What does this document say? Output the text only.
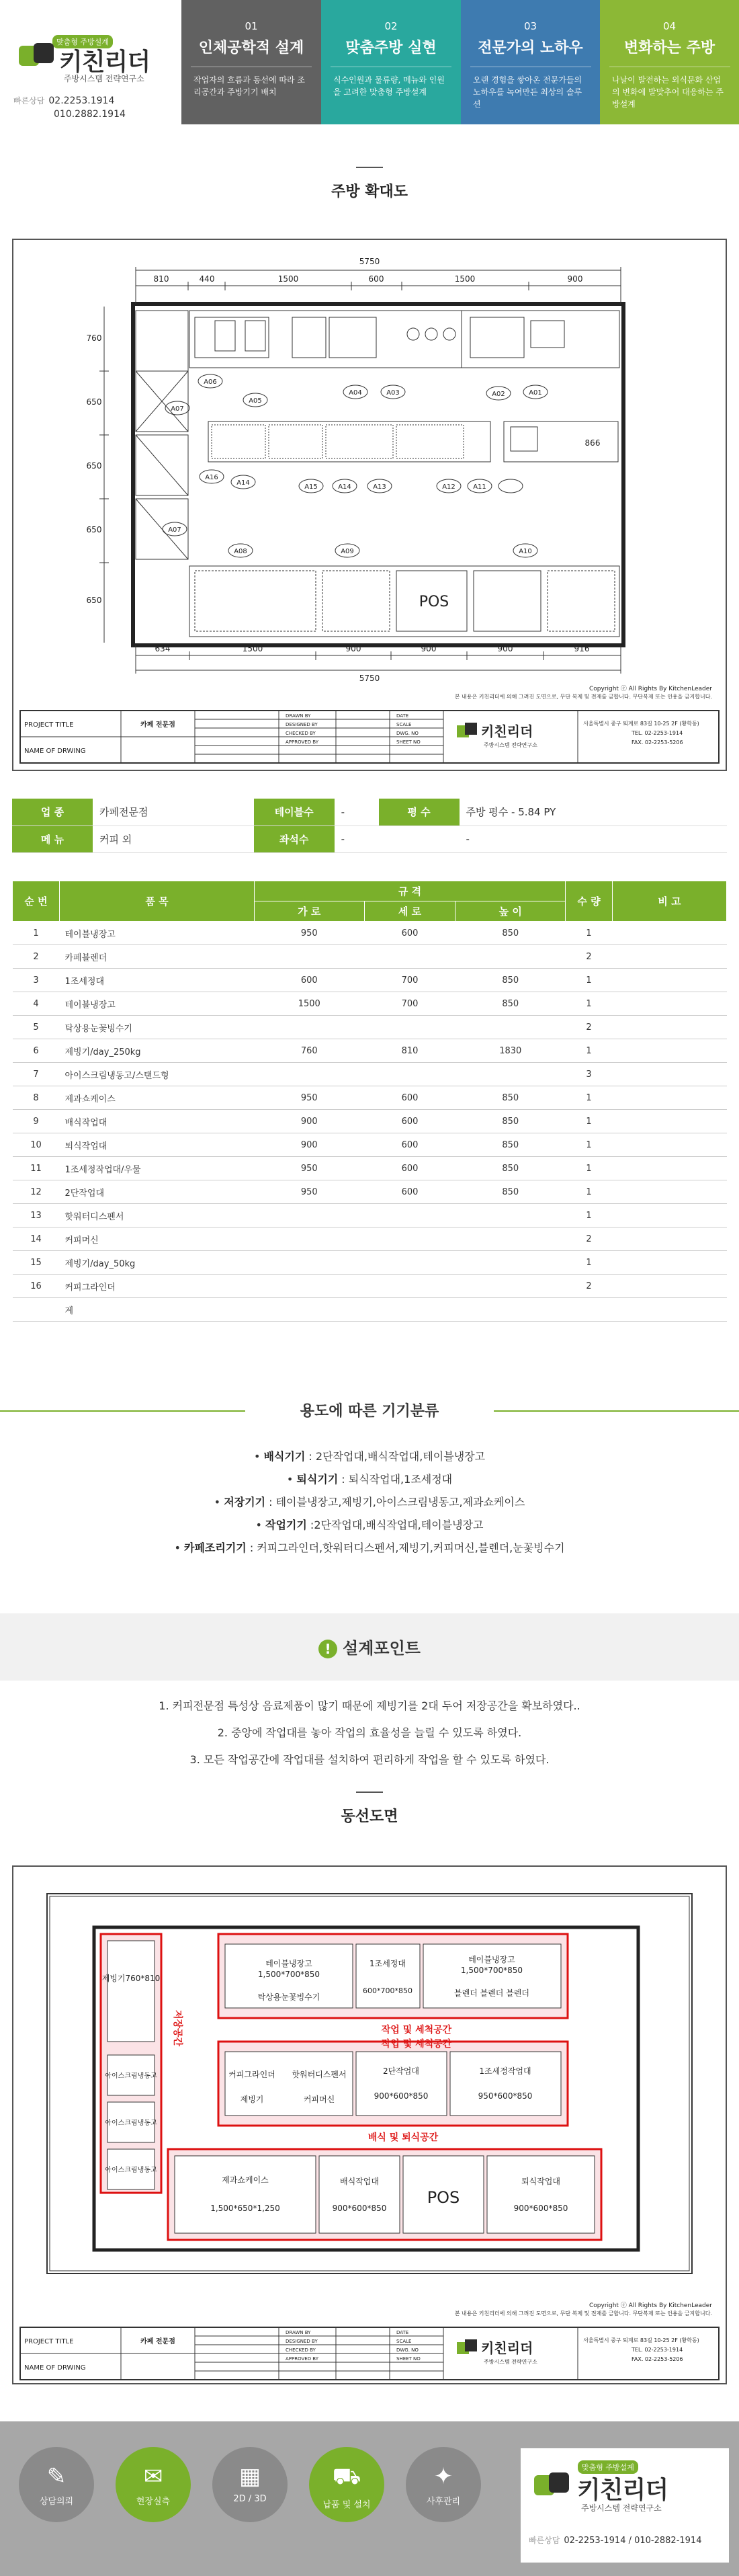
맞춤형 주방설계
키친리더
주방시스템 전략연구소
빠른상담 02.2253.1914
010.2882.1914
01
인체공학적 설계
작업자의 흐름과 동선에 따라 조리공간과 주방기기 배치
02
맞춤주방 실현
식수인원과 물류량, 메뉴와 인원을 고려한 맞춤형 주방설계
03
전문가의 노하우
오랜 경험을 쌓아온 전문가들의 노하우를 녹여만든 최상의 솔루션
04
변화하는 주방
나날이 발전하는 외식문화 산업의 변화에 발맞추어 대응하는 주방설계
주방 확대도
5750
810	440	1500	600	1500	900
634	1500	900	900	900	916
5750
760
650
650
650
650
866
POS
A06
A05
A04	A03	A02	A01
A07
A16
A14
A15	A14	A13	A12	A11
A08	A09	A10
A07
Copyright ⓒ All Rights By KitchenLeader
본 내용은 키친리더에 의해 그려진 도면으로, 무단 복제 및 전재를 금합니다. 무단복제 또는 인용을 금지합니다.
PROJECT TITLE	카페 전문점
NAME OF DRWING
DRAWN BY
DESIGNED BY
CHECKED BY
APPROVED BY
DATE
SCALE
DWG. NO
SHEET NO
키친리더
주방시스템 전략연구소
서울특별시 중구 퇴계로 83길 10-25 2F (황학동)
TEL. 02-2253-1914
FAX. 02-2253-5206
업 종	카페전문점	테이블수	-	평 수	주방 평수 - 5.84 PY
메 뉴	커피 외	좌석수	-		-
순 번	품 목	규 격			수 량	비 고
		가 로	세 로	높 이		
1	테이블냉장고	950	600	850	1	
2	카페블렌더				2	
3	1조세정대	600	700	850	1	
4	테이블냉장고	1500	700	850	1	
5	탁상용눈꽃빙수기				2	
6	제빙기/day_250kg	760	810	1830	1	
7	아이스크림냉동고/스탠드형				3	
8	제과쇼케이스	950	600	850	1	
9	배식작업대	900	600	850	1	
10	퇴식작업대	900	600	850	1	
11	1조세정작업대/우물	950	600	850	1	
12	2단작업대	950	600	850	1	
13	핫워터디스펜서				1	
14	커피머신				2	
15	제빙기/day_50kg				1	
16	커피그라인더				2	
	계					
용도에 따른 기기분류
• 배식기기 : 2단작업대,배식작업대,테이블냉장고
• 퇴식기기 : 퇴식작업대,1조세정대
• 저장기기 : 테이블냉장고,제빙기,아이스크림냉동고,제과쇼케이스
• 작업기기 :2단작업대,배식작업대,테이블냉장고
• 카페조리기기 : 커피그라인더,핫워터디스펜서,제빙기,커피머신,블렌더,눈꽃빙수기
! 설계포인트
1. 커피전문점 특성상 음료제품이 많기 때문에 제빙기를 2대 두어 저장공간을 확보하였다..
2. 중앙에 작업대를 놓아 작업의 효율성을 늘릴 수 있도록 하였다.
3. 모든 작업공간에 작업대를 설치하여 편리하게 작업을 할 수 있도록 하였다.
동선도면
제빙기760*810
아이스크림냉동고
아이스크림냉동고
아이스크림냉동고
테이블냉장고
1,500*700*850
탁상용눈꽃빙수기
1조세정대
600*700*850
테이블냉장고
1,500*700*850
블렌더 블렌더 블렌더
커피그라인더 핫워터디스펜서
제빙기	커피머신
2단작업대
900*600*850
1조세정작업대
950*600*850
제과쇼케이스
1,500*650*1,250
배식작업대
900*600*850
POS
퇴식작업대
900*600*850
작업 및 세척공간
배식 및 퇴식공간
작업 및 세척공간
저장공간
Copyright ⓒ All Rights By KitchenLeader
본 내용은 키친리더에 의해 그려진 도면으로, 무단 복제 및 전재를 금합니다. 무단복제 또는 인용을 금지합니다.
PROJECT TITLE	카페 전문점
NAME OF DRWING
DRAWN BY
DESIGNED BY
CHECKED BY
APPROVED BY
DATE
SCALE
DWG. NO
SHEET NO
키친리더
주방시스템 전략연구소
서울특별시 중구 퇴계로 83길 10-25 2F (황학동)
TEL. 02-2253-1914
FAX. 02-2253-5206
✎
상담의뢰
✉
현장실측
▦
2D / 3D
⛟
납품 및 설치
✦
사후관리
맞춤형 주방설계
키친리더
주방시스템 전략연구소
빠른상담 02-2253-1914 / 010-2882-1914
